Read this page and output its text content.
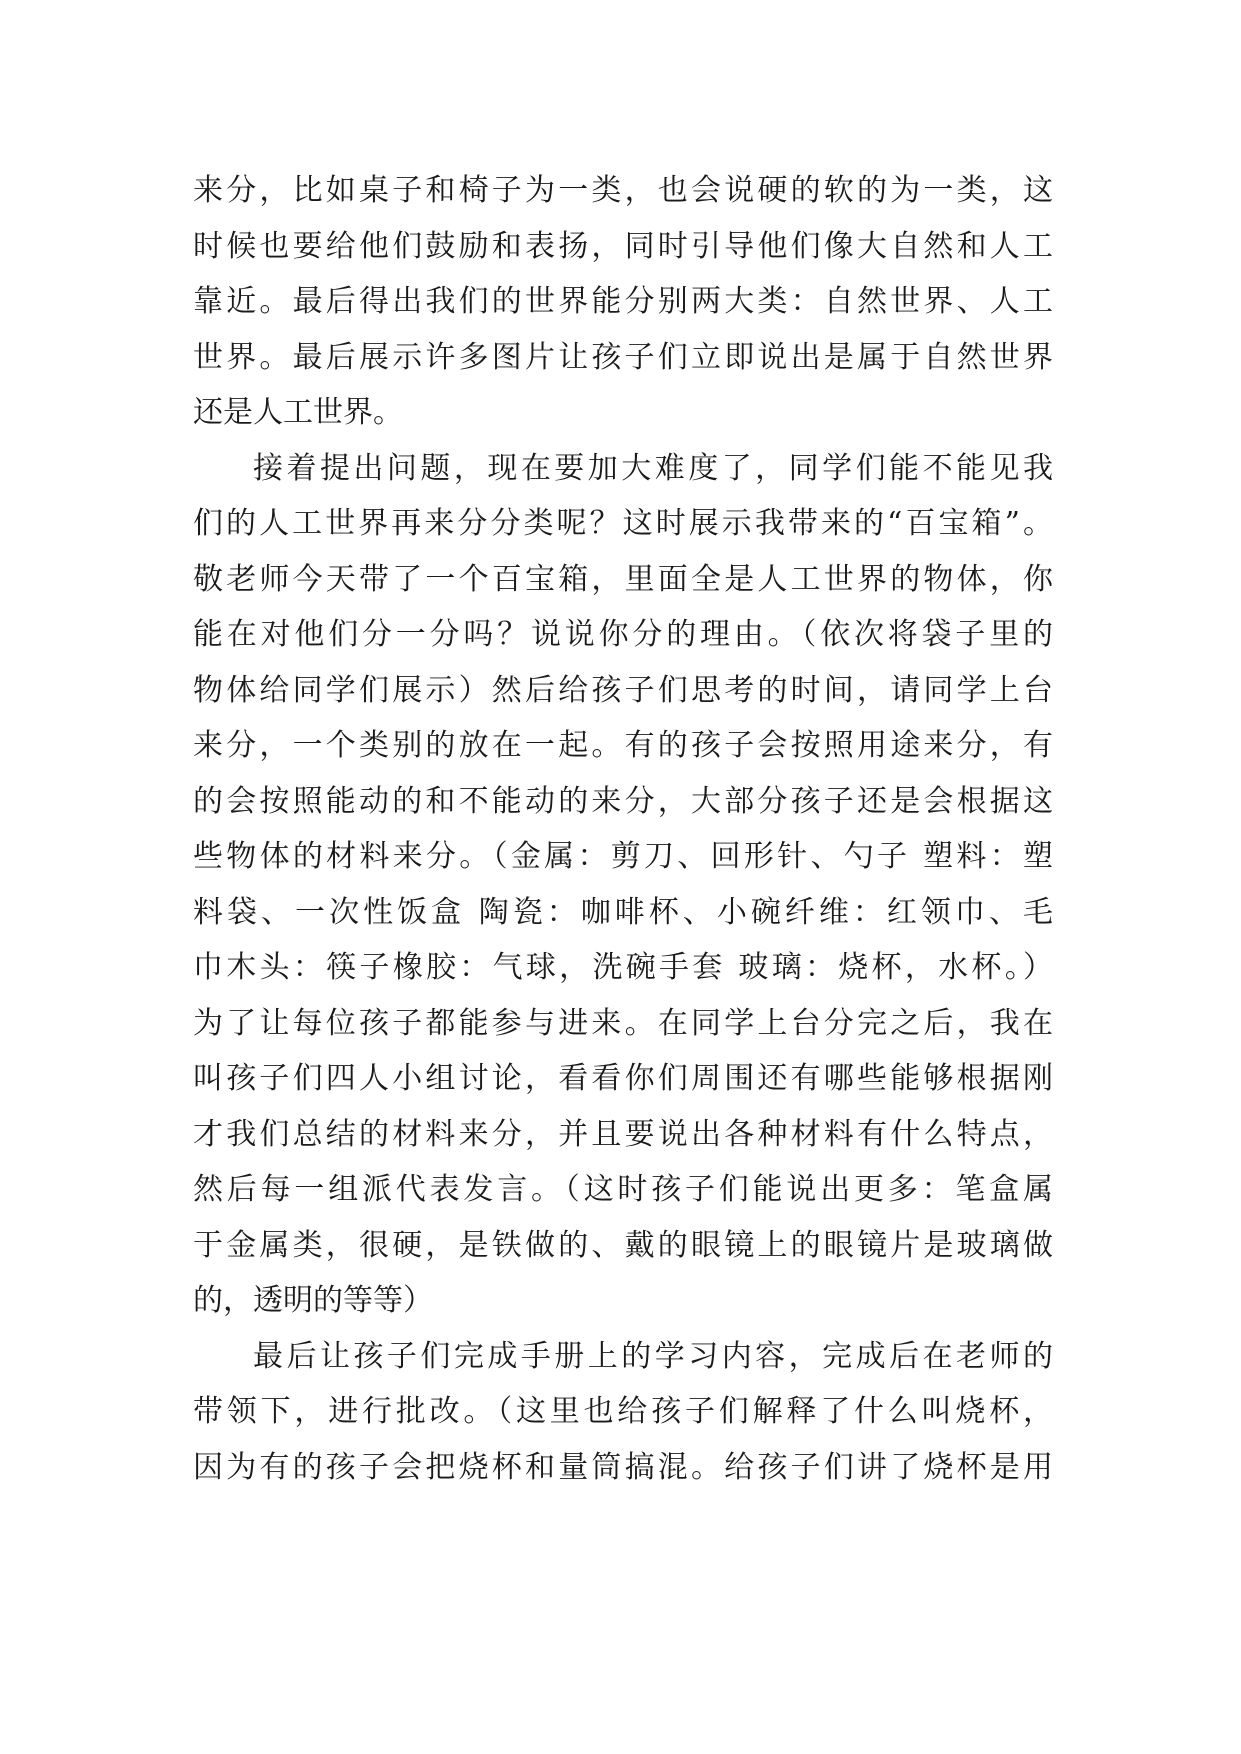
来分，比如桌子和椅子为一类，也会说硬的软的为一类，这
时候也要给他们鼓励和表扬，同时引导他们像大自然和人工
靠近。最后得出我们的世界能分别两大类：自然世界、人工
世界。最后展示许多图片让孩子们立即说出是属于自然世界
还是人工世界。
接着提出问题，现在要加大难度了，同学们能不能见我
们的人工世界再来分分类呢？这时展示我带来的“百宝箱”。
敬老师今天带了一个百宝箱，里面全是人工世界的物体，你
能在对他们分一分吗？说说你分的理由。（依次将袋子里的
物体给同学们展示）然后给孩子们思考的时间，请同学上台
来分，一个类别的放在一起。有的孩子会按照用途来分，有
的会按照能动的和不能动的来分，大部分孩子还是会根据这
些物体的材料来分。（金属：剪刀、回形针、勺子 塑料：塑
料袋、一次性饭盒 陶瓷：咖啡杯、小碗纤维：红领巾、毛
巾木头：筷子橡胶：气球，洗碗手套 玻璃：烧杯，水杯。）
为了让每位孩子都能参与进来。在同学上台分完之后，我在
叫孩子们四人小组讨论，看看你们周围还有哪些能够根据刚
才我们总结的材料来分，并且要说出各种材料有什么特点，
然后每一组派代表发言。（这时孩子们能说出更多：笔盒属
于金属类，很硬，是铁做的、戴的眼镜上的眼镜片是玻璃做
的，透明的等等）
最后让孩子们完成手册上的学习内容，完成后在老师的
带领下，进行批改。（这里也给孩子们解释了什么叫烧杯，
因为有的孩子会把烧杯和量筒搞混。给孩子们讲了烧杯是用
